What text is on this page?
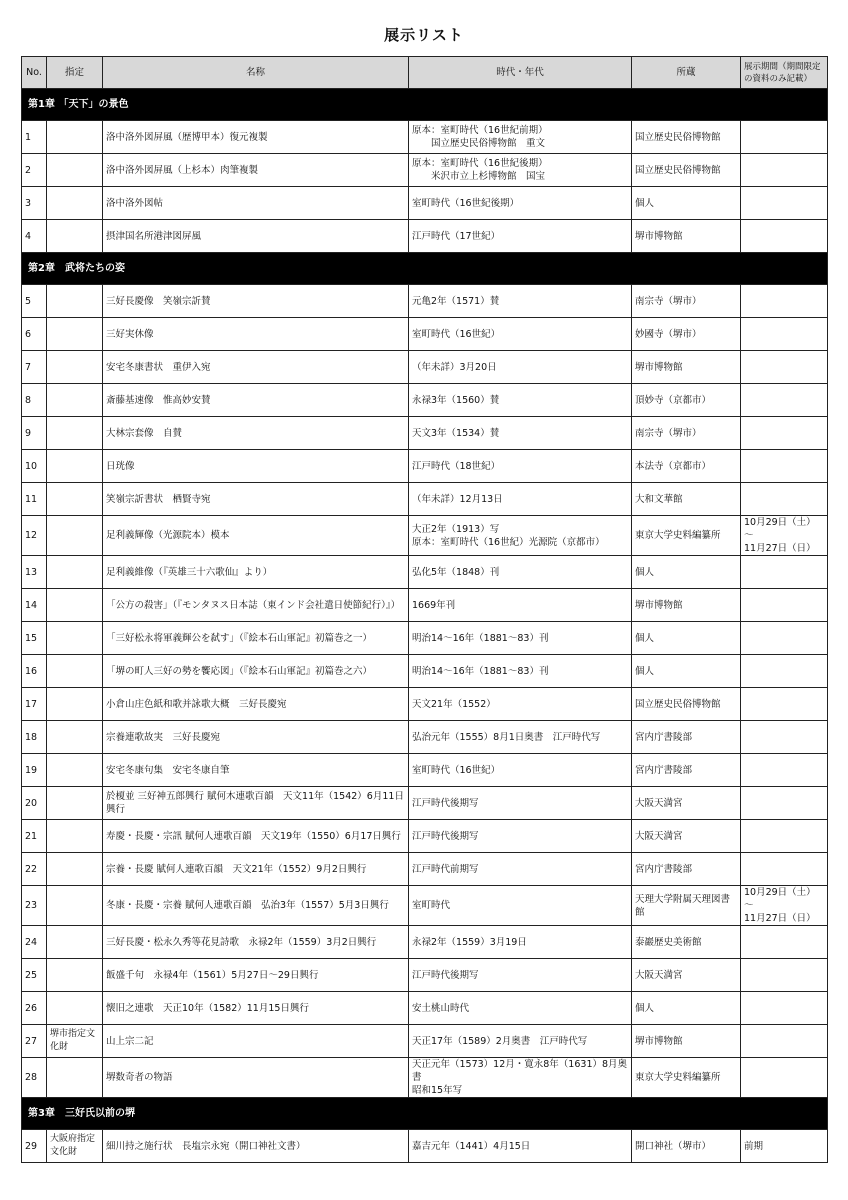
展示リスト
No.	指定	名称	時代・年代	所蔵	展示期間（期間限定の資料のみ記載）
第1章 「天下」の景色					
1		洛中洛外図屏風（歴博甲本）復元複製	原本：室町時代（16世紀前期）
　　国立歴史民俗博物館　重文	国立歴史民俗博物館	
2		洛中洛外図屏風（上杉本）肉筆複製	原本：室町時代（16世紀後期）
　　米沢市立上杉博物館　国宝	国立歴史民俗博物館	
3		洛中洛外図帖	室町時代（16世紀後期）	個人	
4		摂津国名所港津図屏風	江戸時代（17世紀）	堺市博物館	
第2章　武将たちの姿					
5		三好長慶像　笑嶺宗訢賛	元亀2年（1571）賛	南宗寺（堺市）	
6		三好実休像	室町時代（16世紀）	妙國寺（堺市）	
7		安宅冬康書状　重伊入宛	（年未詳）3月20日	堺市博物館	
8		斎藤基速像　惟高妙安賛	永禄3年（1560）賛	頂妙寺（京都市）	
9		大林宗套像　自賛	天文3年（1534）賛	南宗寺（堺市）	
10		日珖像	江戸時代（18世紀）	本法寺（京都市）	
11		笑嶺宗訢書状　栖賢寺宛	（年未詳）12月13日	大和文華館	
12		足利義輝像（光源院本）模本	大正2年（1913）写
原本：室町時代（16世紀）光源院（京都市）	東京大学史料編纂所	10月29日（土）～
11月27日（日）
13		足利義維像（『英雄三十六歌仙』より）	弘化5年（1848）刊	個人	
14		「公方の殺害」（『モンタヌス日本誌（東インド会社遣日使節紀行）』）	1669年刊	堺市博物館	
15		「三好松永将軍義輝公を弑す」（『絵本石山軍記』初篇巻之一）	明治14～16年（1881～83）刊	個人	
16		「堺の町人三好の勢を饗応図」（『絵本石山軍記』初篇巻之六）	明治14～16年（1881～83）刊	個人	
17		小倉山庄色紙和歌并詠歌大概　三好長慶宛	天文21年（1552）	国立歴史民俗博物館	
18		宗養連歌故実　三好長慶宛	弘治元年（1555）8月1日奥書　江戸時代写	宮内庁書陵部	
19		安宅冬康句集　安宅冬康自筆	室町時代（16世紀）	宮内庁書陵部	
20		於榎並 三好神五郎興行 賦何木連歌百韻　天文11年（1542）6月11日興行	江戸時代後期写	大阪天満宮	
21		寿慶・長慶・宗訊 賦何人連歌百韻　天文19年（1550）6月17日興行	江戸時代後期写	大阪天満宮	
22		宗養・長慶 賦何人連歌百韻　天文21年（1552）9月2日興行	江戸時代前期写	宮内庁書陵部	
23		冬康・長慶・宗養 賦何人連歌百韻　弘治3年（1557）5月3日興行	室町時代	天理大学附属天理図書館	10月29日（土）～
11月27日（日）
24		三好長慶・松永久秀等花見詩歌　永禄2年（1559）3月2日興行	永禄2年（1559）3月19日	泰巖歴史美術館	
25		飯盛千句　永禄4年（1561）5月27日～29日興行	江戸時代後期写	大阪天満宮	
26		懐旧之連歌　天正10年（1582）11月15日興行	安土桃山時代	個人	
27	堺市指定文化財	山上宗二記	天正17年（1589）2月奥書　江戸時代写	堺市博物館	
28		堺数奇者の物語	天正元年（1573）12月・寛永8年（1631）8月奥書
昭和15年写	東京大学史料編纂所	
第3章　三好氏以前の堺					
29	大阪府指定文化財	細川持之施行状　長塩宗永宛（開口神社文書）	嘉吉元年（1441）4月15日	開口神社（堺市）	前期
